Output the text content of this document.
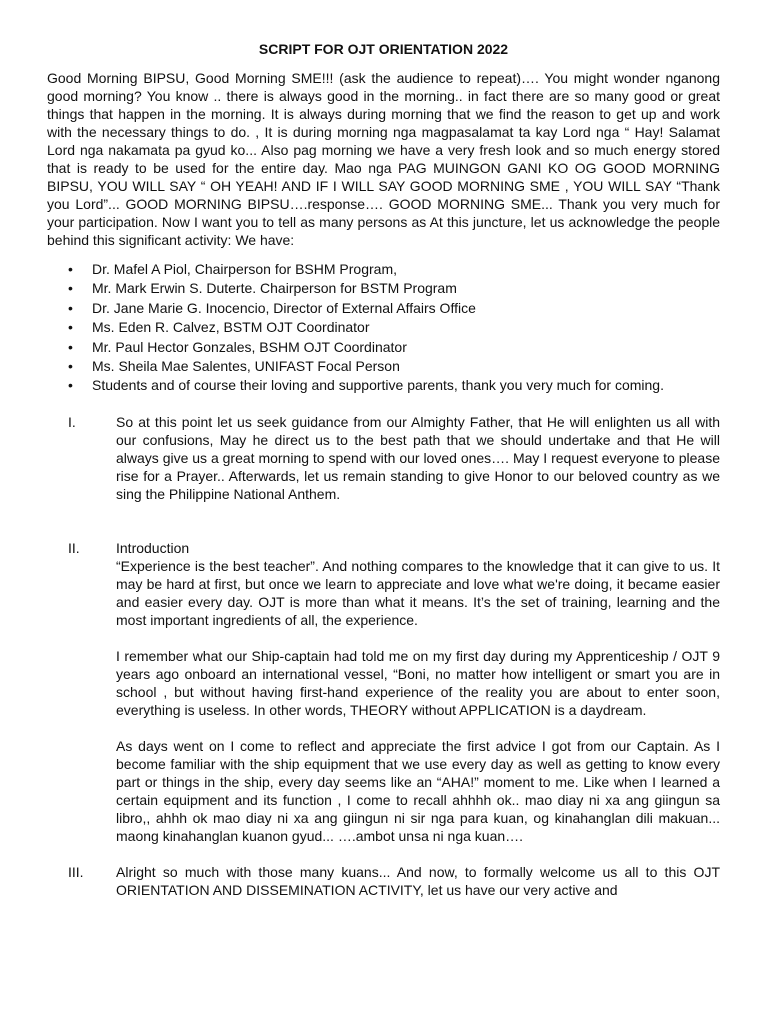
SCRIPT FOR OJT ORIENTATION 2022

Good Morning BIPSU, Good Morning SME!!! (ask the audience to repeat)…. You might wonder nganong good morning? You know .. there is always good in the morning.. in fact there are so many good or great things that happen in the morning. It is always during morning that we find the reason to get up and work with the necessary things to do. , It is during morning nga magpasalamat ta kay Lord nga “ Hay! Salamat Lord nga nakamata pa gyud ko... Also pag morning we have a very fresh look and so much energy stored that is ready to be used for the entire day. Mao nga PAG MUINGON GANI KO OG GOOD MORNING BIPSU, YOU WILL SAY “ OH YEAH! AND IF I WILL SAY GOOD MORNING SME , YOU WILL SAY “Thank you Lord”... GOOD MORNING BIPSU….response…. GOOD MORNING SME... Thank you very much for your participation. Now I want you to tell as many persons as At this juncture, let us acknowledge the people behind this significant activity: We have:

• Dr. Mafel A Piol, Chairperson for BSHM Program,
• Mr. Mark Erwin S. Duterte. Chairperson for BSTM Program
• Dr. Jane Marie G. Inocencio, Director of External Affairs Office
• Ms. Eden R. Calvez, BSTM OJT Coordinator
• Mr. Paul Hector Gonzales, BSHM OJT Coordinator
• Ms. Sheila Mae Salentes, UNIFAST Focal Person
• Students and of course their loving and supportive parents, thank you very much for coming.
I.	So at this point let us seek guidance from our Almighty Father, that He will enlighten us all with our confusions, May he direct us to the best path that we should undertake and that He will always give us a great morning to spend with our loved ones…. May I request everyone to please rise for a Prayer.. Afterwards, let us remain standing to give Honor to our beloved country as we sing the Philippine National Anthem.

II.	Introduction

“Experience is the best teacher”. And nothing compares to the knowledge that it can give to us. It may be hard at first, but once we learn to appreciate and love what we're doing, it became easier and easier every day. OJT is more than what it means. It’s the set of training, learning and the most important ingredients of all, the experience.

I remember what our Ship-captain had told me on my first day during my Apprenticeship / OJT 9 years ago onboard an international vessel, “Boni, no matter how intelligent or smart you are in school , but without having first-hand experience of the reality you are about to enter soon, everything is useless. In other words, THEORY without APPLICATION is a daydream.

As days went on I come to reflect and appreciate the first advice I got from our Captain. As I become familiar with the ship equipment that we use every day as well as getting to know every part or things in the ship, every day seems like an “AHA!” moment to me. Like when I learned a certain equipment and its function , I come to recall ahhhh ok.. mao diay ni xa ang giingun sa libro,, ahhh ok mao diay ni xa ang giingun ni sir nga para kuan, og kinahanglan dili makuan... maong kinahanglan kuanon gyud... ….ambot unsa ni nga kuan….

III. Alright so much with those many kuans... And now, to formally welcome us all to this OJT ORIENTATION AND DISSEMINATION ACTIVITY, let us have our very active and
